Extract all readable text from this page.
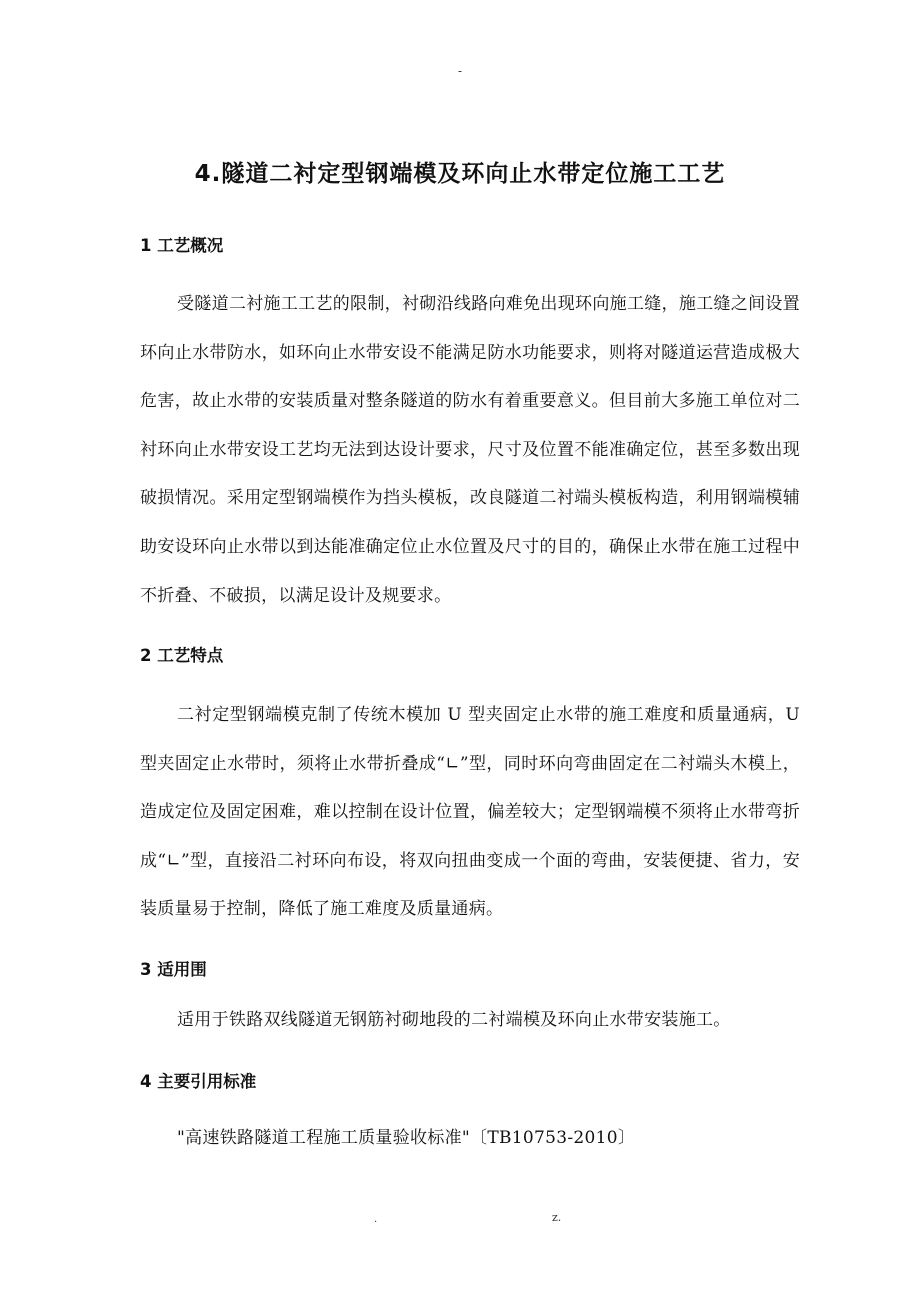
-
4.隧道二衬定型钢端模及环向止水带定位施工工艺
1 工艺概况
受隧道二衬施工工艺的限制，衬砌沿线路向难免出现环向施工缝，施工缝之间设置环向止水带防水，如环向止水带安设不能满足防水功能要求，则将对隧道运营造成极大危害，故止水带的安装质量对整条隧道的防水有着重要意义。但目前大多施工单位对二衬环向止水带安设工艺均无法到达设计要求，尺寸及位置不能准确定位，甚至多数出现破损情况。采用定型钢端模作为挡头模板，改良隧道二衬端头模板构造，利用钢端模辅助安设环向止水带以到达能准确定位止水位置及尺寸的目的，确保止水带在施工过程中不折叠、不破损，以满足设计及规要求。
2 工艺特点
二衬定型钢端模克制了传统木模加 U 型夹固定止水带的施工难度和质量通病，U 型夹固定止水带时，须将止水带折叠成“∟”型，同时环向弯曲固定在二衬端头木模上，造成定位及固定困难，难以控制在设计位置，偏差较大；定型钢端模不须将止水带弯折成“∟”型，直接沿二衬环向布设，将双向扭曲变成一个面的弯曲，安装便捷、省力，安装质量易于控制，降低了施工难度及质量通病。
3 适用围
适用于铁路双线隧道无钢筋衬砌地段的二衬端模及环向止水带安装施工。
4 主要引用标准
"高速铁路隧道工程施工质量验收标准"〔TB10753-2010〕
.	z.
